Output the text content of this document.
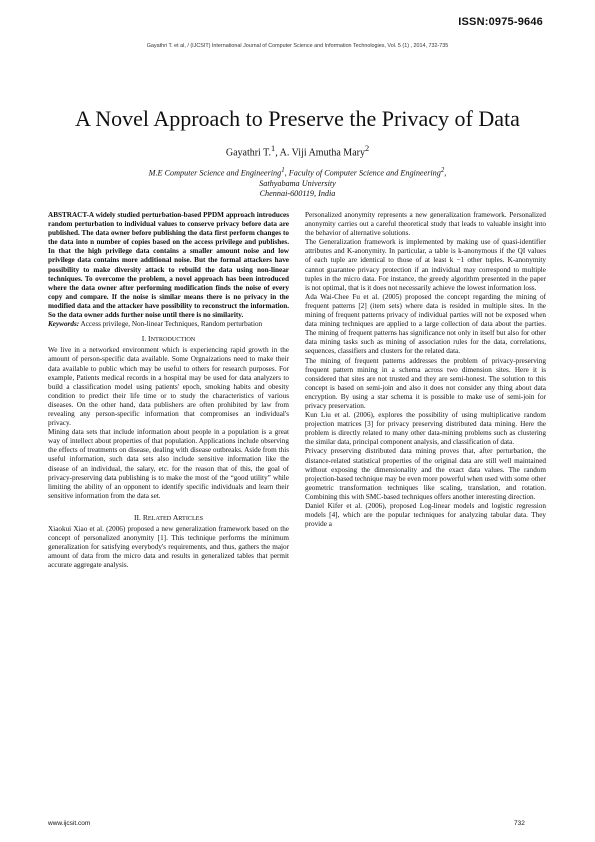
ISSN:0975-9646
Gayathri T. et al, / (IJCSIT) International Journal of Computer Science and Information Technologies, Vol. 5 (1) , 2014, 732-735
A Novel Approach to Preserve the Privacy of Data
Gayathri T.$^1$, A. Viji Amutha Mary$^2$
M.E Computer Science and Engineering$^1$, Faculty of Computer Science and Engineering$^2$,
Sathyabama University
Chennai-600119, India

ABSTRACT-A widely studied perturbation-based PPDM approach introduces random perturbation to individual values to conserve privacy before data are published. The data owner before publishing the data first perform changes to the data into n number of copies based on the access privilege and publishes. In that the high privilege data contains a smaller amount noise and low privilege data contains more additional noise. But the formal attackers have possibility to make diversity attack to rebuild the data using non-linear techniques. To overcome the problem, a novel approach has been introduced where the data owner after performing modification finds the noise of every copy and compare. If the noise is similar means there is no privacy in the modified data and the attacker have possibility to reconstruct the information. So the data owner adds further noise until there is no similarity.

Keywords: Access privilege, Non-linear Techniques, Random perturbation

I. INTRODUCTION

We live in a networked environment which is experiencing rapid growth in the amount of person-specific data available. Some Orgnaizations need to make their data available to public which may be useful to others for research purposes. For example, Patients medical records in a hospital may be used for data analyzers to build a classification model using patients' epoch, smoking habits and obesity condition to predict their life time or to study the characteristics of various diseases. On the other hand, data publishers are often prohibited by law from revealing any person-specific information that compromises an individual's privacy.

Mining data sets that include information about people in a population is a great way of intellect about properties of that population. Applications include observing the effects of treatments on disease, dealing with disease outbreaks. Aside from this useful information, such data sets also include sensitive information like the disease of an individual, the salary, etc. for the reason that of this, the goal of privacy-preserving data publishing is to make the most of the “good utility” while limiting the ability of an opponent to identify specific individuals and learn their sensitive information from the data set.

II. RELATED ARTICLES

Xiaokui Xiao et al. (2006) proposed a new generalization framework based on the concept of personalized anonymity [1]. This technique performs the minimum generalization for satisfying everybody's requirements, and thus, gathers the major amount of data from the micro data and results in generalized tables that permit accurate aggregate analysis.

Personalized anonymity represents a new generalization framework. Personalized anonymity carries out a careful theoretical study that leads to valuable insight into the behavior of alternative solutions.

The Generalization framework is implemented by making use of quasi-identifier attributes and K-anonymity. In particular, a table is k-anonymous if the QI values of each tuple are identical to those of at least k −1 other tuples. K-anonymity cannot guarantee privacy protection if an individual may correspond to multiple tuples in the micro data. For instance, the greedy algorithm presented in the paper is not optimal, that is it does not necessarily achieve the lowest information loss.

Ada Wai-Chee Fu et al. (2005) proposed the concept regarding the mining of frequent patterns [2] (item sets) where data is resided in multiple sites. In the mining of frequent patterns privacy of individual parties will not be exposed when data mining techniques are applied to a large collection of data about the parties. The mining of frequent patterns has significance not only in itself but also for other data mining tasks such as mining of association rules for the data, correlations, sequences, classifiers and clusters for the related data.

The mining of frequent patterns addresses the problem of privacy-preserving frequent pattern mining in a schema across two dimension sites. Here it is considered that sites are not trusted and they are semi-honest. The solution to this concept is based on semi-join and also it does not consider any thing about data encryption. By using a star schema it is possible to make use of semi-join for privacy preservation.

Kun Liu et al. (2006), explores the possibility of using multiplicative random projection matrices [3] for privacy preserving distributed data mining. Here the problem is directly related to many other data-mining problems such as clustering the similar data, principal component analysis, and classification of data.

Privacy preserving distributed data mining proves that, after perturbation, the distance-related statistical properties of the original data are still well maintained without exposing the dimensionality and the exact data values. The random projection-based technique may be even more powerful when used with some other geometric transformation techniques like scaling, translation, and rotation. Combining this with SMC-based techniques offers another interesting direction.

Daniel Kifer et al. (2006), proposed Log-linear models and logistic regression models [4], which are the popular techniques for analyzing tabular data. They provide a

www.ijcsit.com	732
